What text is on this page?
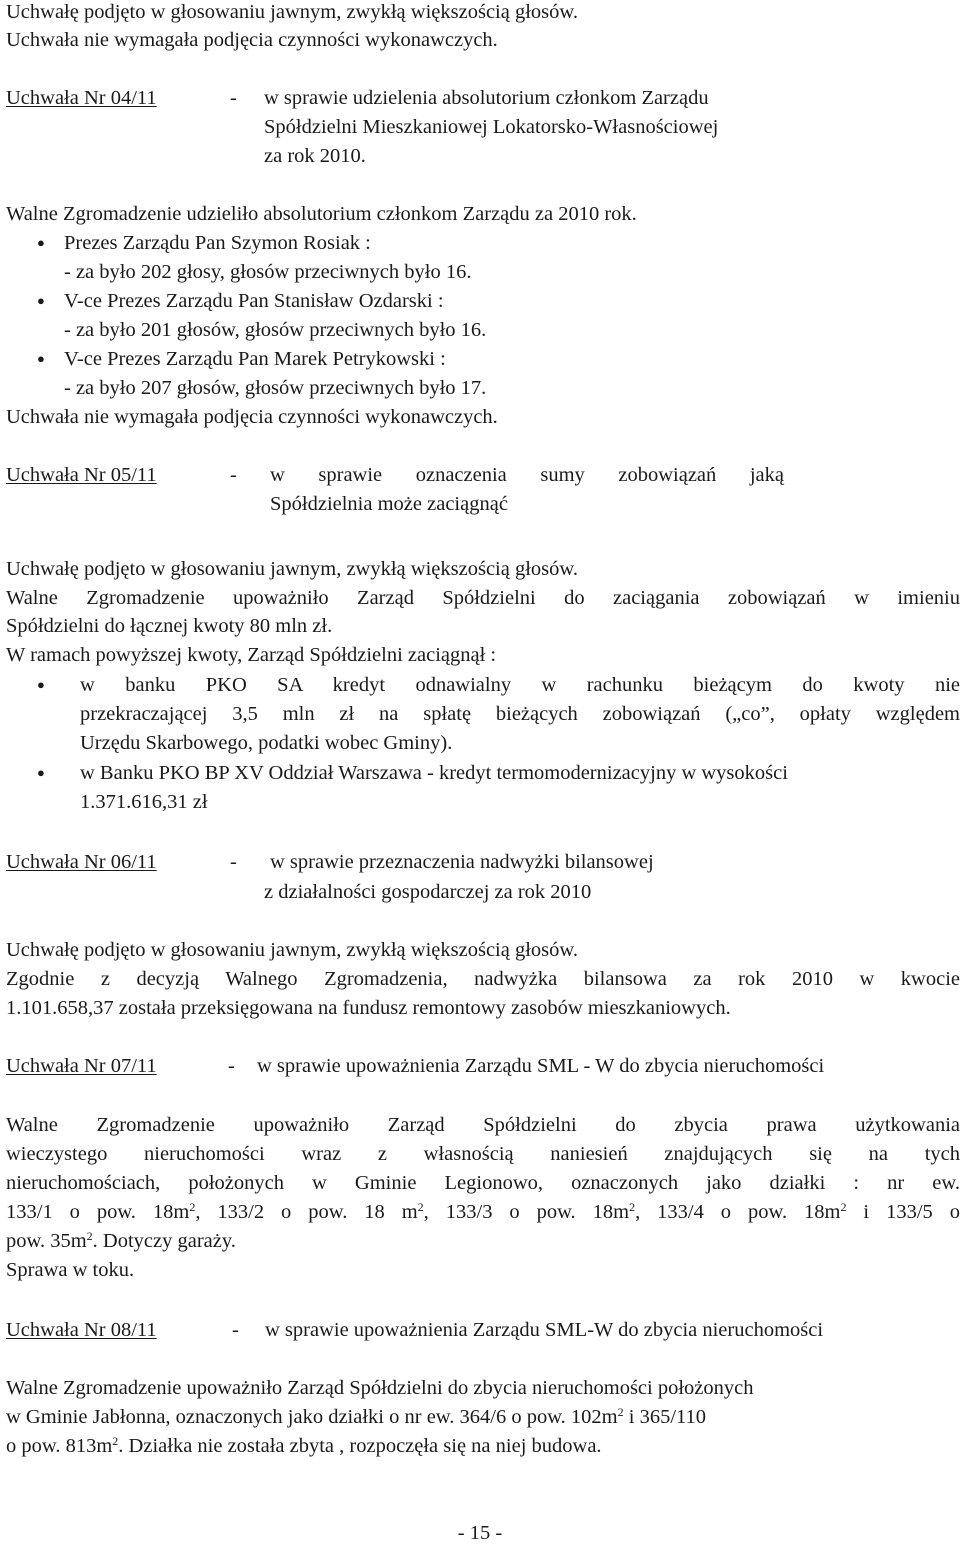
Uchwałę podjęto w głosowaniu jawnym, zwykłą większością głosów.
Uchwała nie wymagała podjęcia czynności wykonawczych.
Uchwała Nr 04/11	- w sprawie udzielenia absolutorium członkom Zarządu
Spółdzielni Mieszkaniowej Lokatorsko-Własnościowej
za rok 2010.
Walne Zgromadzenie udzieliło absolutorium członkom Zarządu za 2010 rok.
● Prezes Zarządu Pan Szymon Rosiak :
- za było 202 głosy, głosów przeciwnych było 16.
● V-ce Prezes Zarządu Pan Stanisław Ozdarski :
- za było 201 głosów, głosów przeciwnych było 16.
● V-ce Prezes Zarządu Pan Marek Petrykowski :
- za było 207 głosów, głosów przeciwnych było 17.
Uchwała nie wymagała podjęcia czynności wykonawczych.
Uchwała Nr 05/11	- w sprawie oznaczenia sumy zobowiązań jaką
Spółdzielnia może zaciągnąć
Uchwałę podjęto w głosowaniu jawnym, zwykłą większością głosów.
Walne Zgromadzenie upoważniło Zarząd Spółdzielni do zaciągania zobowiązań w imieniu
Spółdzielni do łącznej kwoty 80 mln zł.
W ramach powyższej kwoty, Zarząd Spółdzielni zaciągnął :
● w banku PKO SA kredyt odnawialny w rachunku bieżącym do kwoty nie
przekraczającej 3,5 mln zł na spłatę bieżących zobowiązań („co”, opłaty względem
Urzędu Skarbowego, podatki wobec Gminy).
● w Banku PKO BP XV Oddział Warszawa - kredyt termomodernizacyjny w wysokości
1.371.616,31 zł
Uchwała Nr 06/11	- w sprawie przeznaczenia nadwyżki bilansowej
z działalności gospodarczej za rok 2010
Uchwałę podjęto w głosowaniu jawnym, zwykłą większością głosów.
Zgodnie z decyzją Walnego Zgromadzenia, nadwyżka bilansowa za rok 2010 w kwocie
1.101.658,37 została przeksięgowana na fundusz remontowy zasobów mieszkaniowych.
Uchwała Nr 07/11	- w sprawie upoważnienia Zarządu SML - W do zbycia nieruchomości
Walne Zgromadzenie upoważniło Zarząd Spółdzielni do zbycia prawa użytkowania
wieczystego nieruchomości wraz z własnością naniesień znajdujących się na tych
nieruchomościach, położonych w Gminie Legionowo, oznaczonych jako działki : nr ew.
133/1 o pow. $18m^2$, 133/2 o pow. 18 $m^2$, 133/3 o pow. $18m^2$, 133/4 o pow. $18m^2$ i 133/5 o
pow. $35m^2$. Dotyczy garaży.
Sprawa w toku.
Uchwała Nr 08/11	- w sprawie upoważnienia Zarządu SML-W do zbycia nieruchomości
Walne Zgromadzenie upoważniło Zarząd Spółdzielni do zbycia nieruchomości położonych
w Gminie Jabłonna, oznaczonych jako działki o nr ew. 364/6 o pow. $102m^2$ i 365/110
o pow. $813m^2$. Działka nie została zbyta , rozpoczęła się na niej budowa.
- 15 -
